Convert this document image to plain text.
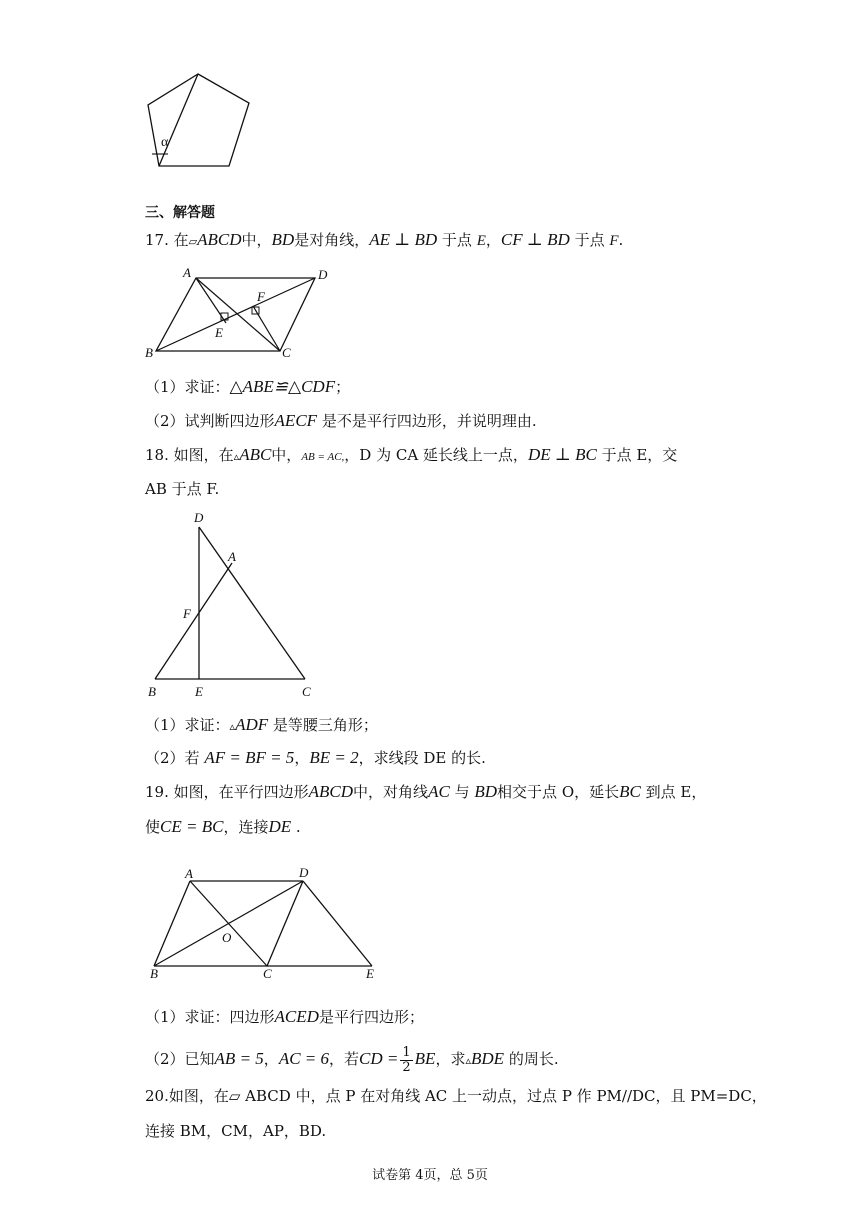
α
三、解答题
17. 在▱ABCD中，BD是对角线，AE ⊥ BD 于点 E，CF ⊥ BD 于点 F.
A	D
F
E
B	C
（1）求证：△ABE≌△CDF；
（2）试判断四边形AECF 是不是平行四边形，并说明理由.
18. 如图，在▵ABC中，AB = AC,，D 为 CA 延长线上一点，DE ⊥ BC 于点 E，交
AB 于点 F.
D
A
F
B	E	C
（1）求证：▵ADF 是等腰三角形；
（2）若 AF = BF = 5，BE = 2，求线段 DE 的长.
19. 如图，在平行四边形ABCD中，对角线AC 与 BD相交于点 O，延长BC 到点 E，
使CE = BC，连接DE .
A	D
O
B	C	E
（1）求证：四边形ACED是平行四边形；
（2）已知AB = 5，AC = 6，若CD = $\frac{1}{2}$ BE，求▵BDE 的周长.
20.如图，在▱ ABCD 中，点 P 在对角线 AC 上一动点，过点 P 作 PM//DC，且 PM=DC，
连接 BM，CM，AP，BD.
试卷第 4页，总 5页
